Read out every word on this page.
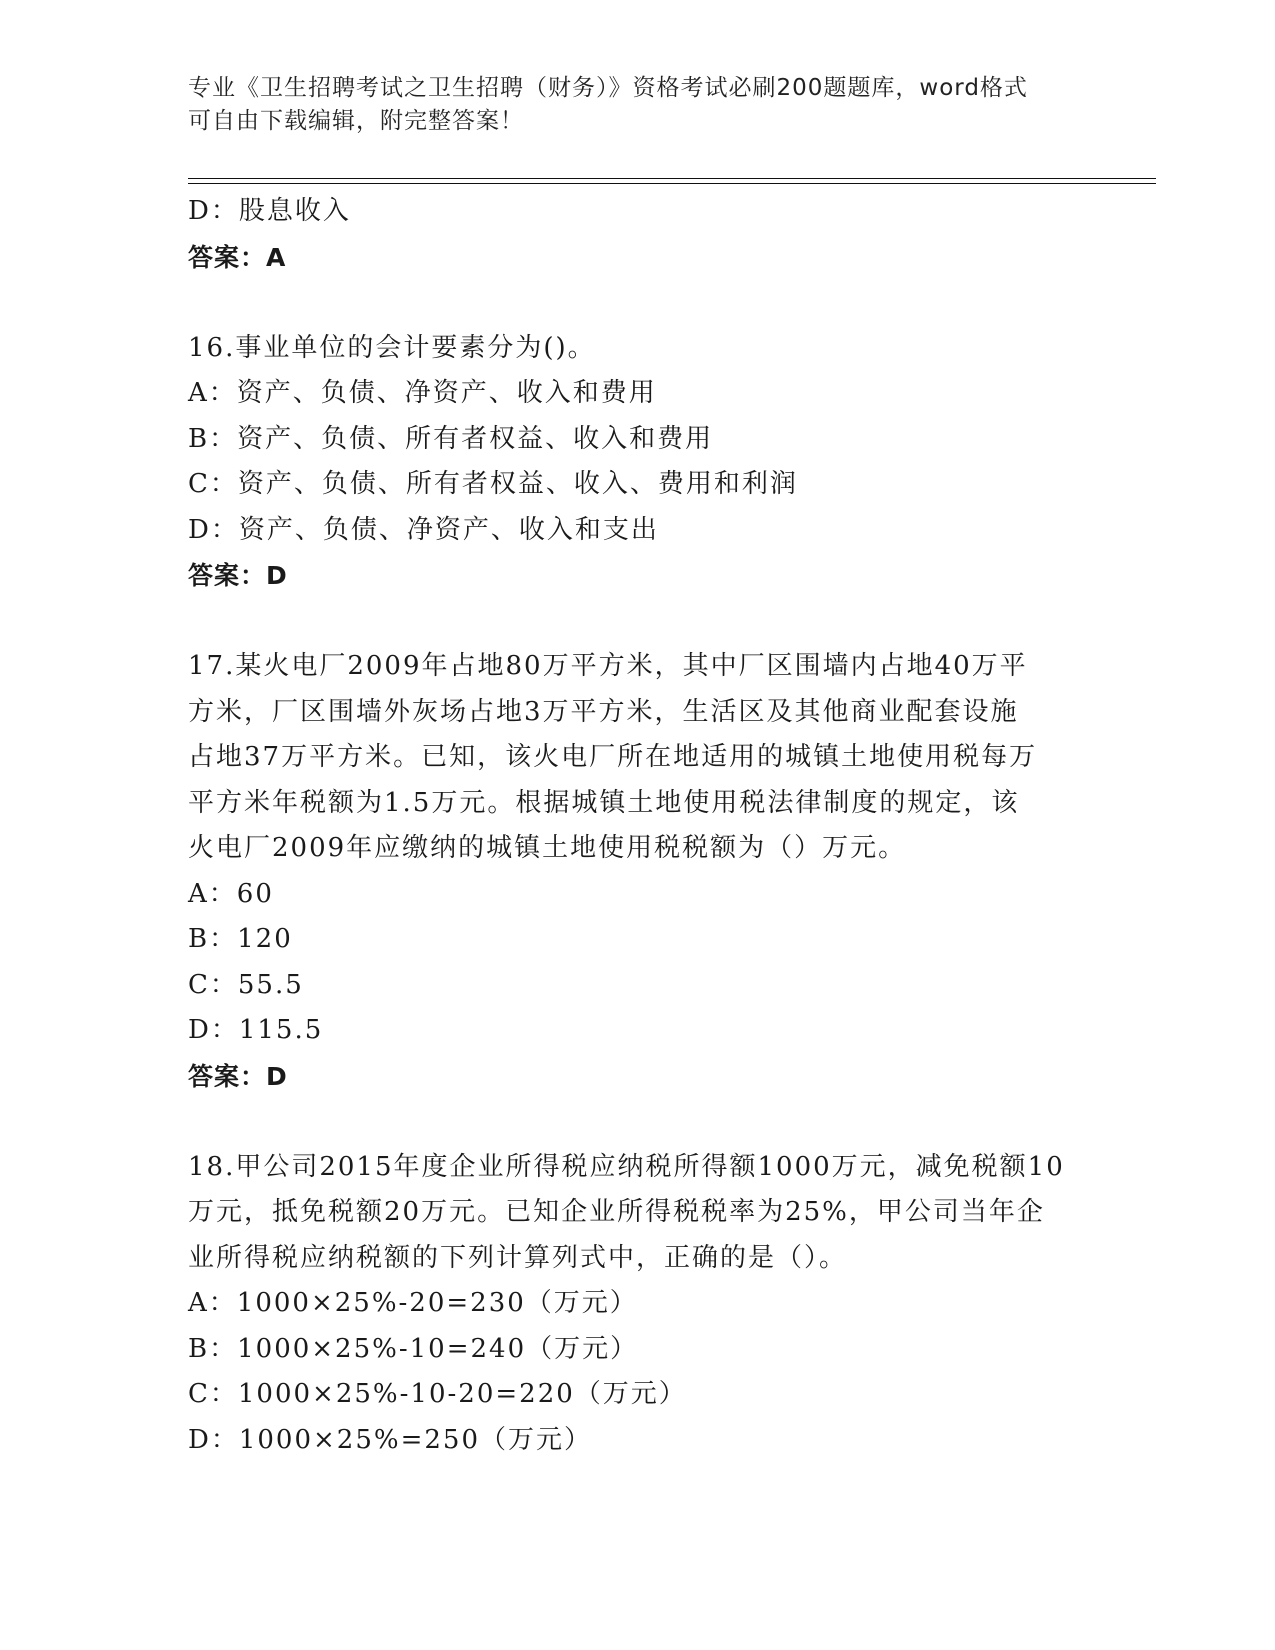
专业《卫生招聘考试之卫生招聘（财务）》资格考试必刷200题题库，word格式
可自由下载编辑，附完整答案！
D：股息收入
答案：A
16.事业单位的会计要素分为()。
A：资产、负债、净资产、收入和费用
B：资产、负债、所有者权益、收入和费用
C：资产、负债、所有者权益、收入、费用和利润
D：资产、负债、净资产、收入和支出
答案：D
17.某火电厂2009年占地80万平方米，其中厂区围墙内占地40万平
方米，厂区围墙外灰场占地3万平方米，生活区及其他商业配套设施
占地37万平方米。已知，该火电厂所在地适用的城镇土地使用税每万
平方米年税额为1.5万元。根据城镇土地使用税法律制度的规定，该
火电厂2009年应缴纳的城镇土地使用税税额为（）万元。
A：60
B：120
C：55.5
D：115.5
答案：D
18.甲公司2015年度企业所得税应纳税所得额1000万元，减免税额10
万元，抵免税额20万元。已知企业所得税税率为25%，甲公司当年企
业所得税应纳税额的下列计算列式中，正确的是（）。
A：1000×25%-20=230（万元）
B：1000×25%-10=240（万元）
C：1000×25%-10-20=220（万元）
D：1000×25%=250（万元）
